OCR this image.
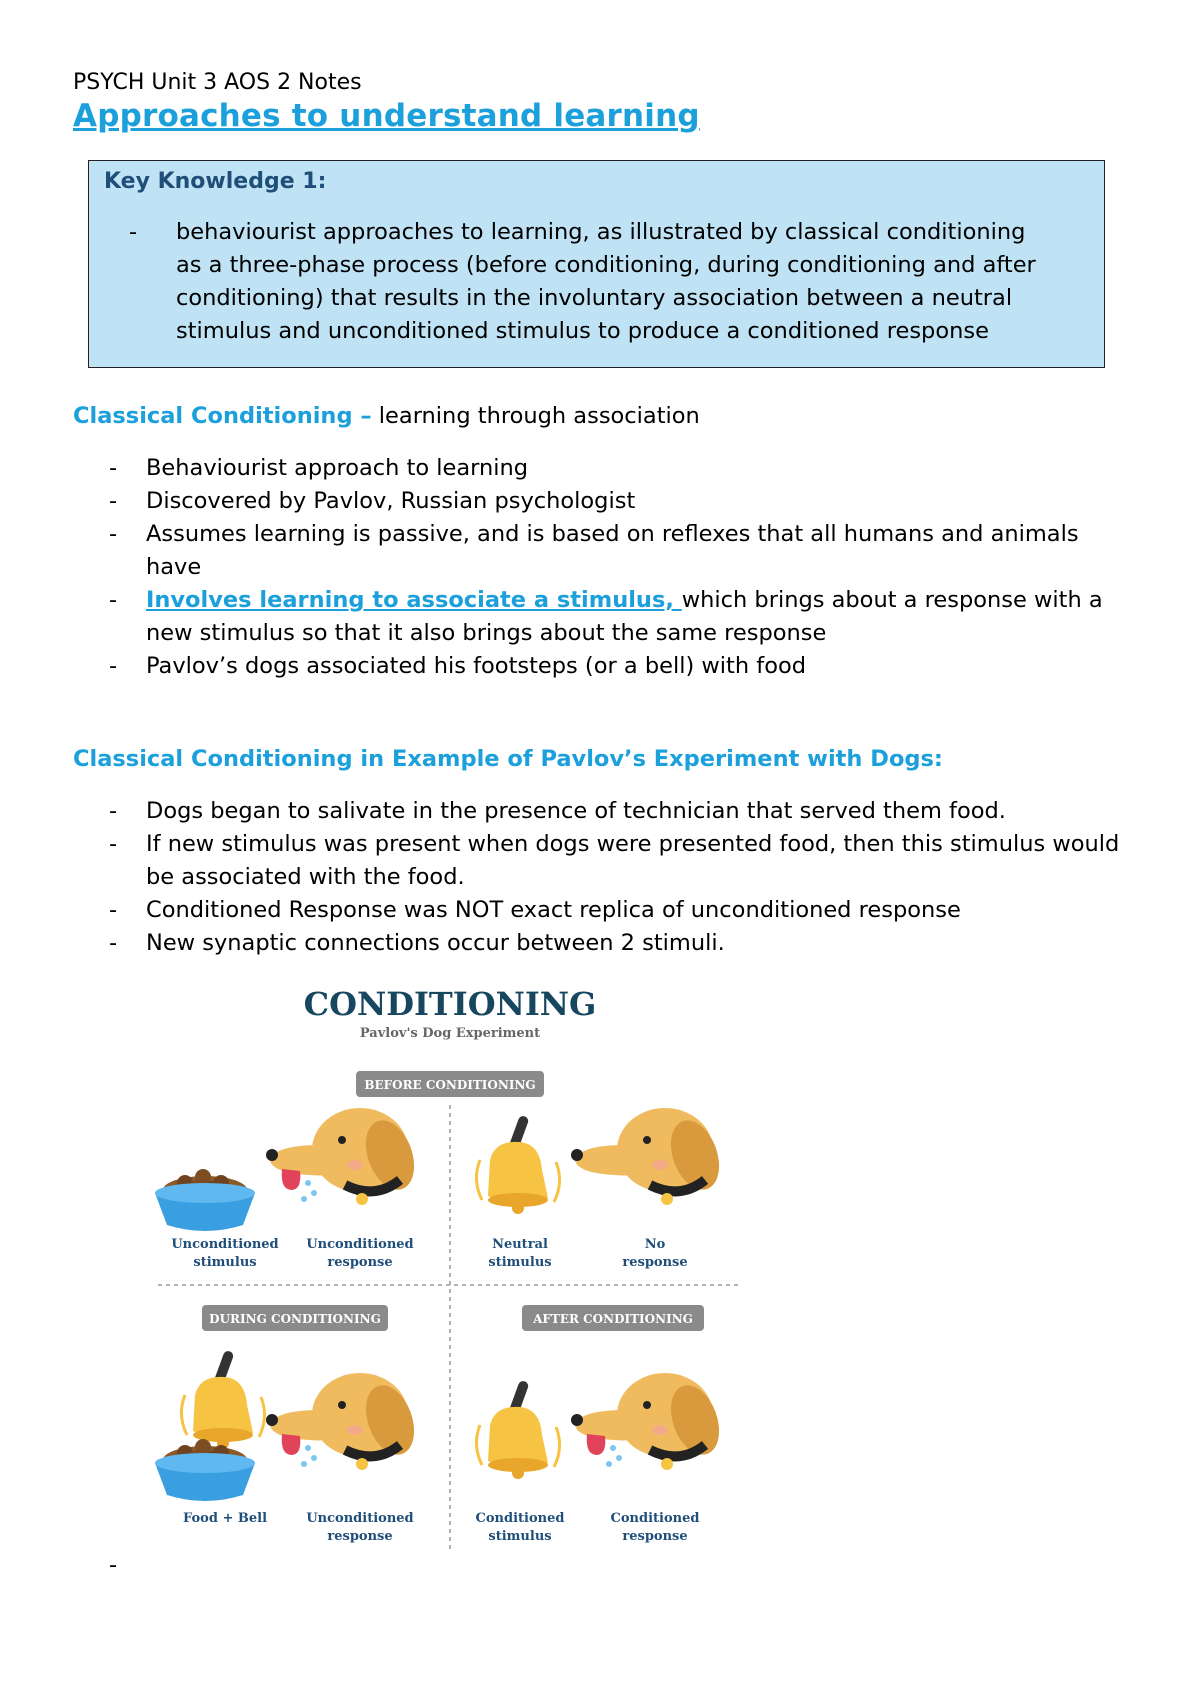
PSYCH Unit 3 AOS 2 Notes
Approaches to understand learning
Key Knowledge 1:
- behaviourist approaches to learning, as illustrated by classical conditioning as a three-phase process (before conditioning, during conditioning and after conditioning) that results in the involuntary association between a neutral stimulus and unconditioned stimulus to produce a conditioned response
Classical Conditioning – learning through association
- Behaviourist approach to learning
- Discovered by Pavlov, Russian psychologist
- Assumes learning is passive, and is based on reflexes that all humans and animals have
- Involves learning to associate a stimulus, which brings about a response with a new stimulus so that it also brings about the same response
- Pavlov’s dogs associated his footsteps (or a bell) with food
Classical Conditioning in Example of Pavlov’s Experiment with Dogs:
- Dogs began to salivate in the presence of technician that served them food.
- If new stimulus was present when dogs were presented food, then this stimulus would be associated with the food.
- Conditioned Response was NOT exact replica of unconditioned response
- New synaptic connections occur between 2 stimuli.
CONDITIONING
Pavlov's Dog Experiment
BEFORE CONDITIONING
Unconditioned
stimulus
Unconditioned
response
Neutral
stimulus
No
response
DURING CONDITIONING
Food + Bell	Unconditioned
response
AFTER CONDITIONING
Conditioned
stimulus
Conditioned
response
-
